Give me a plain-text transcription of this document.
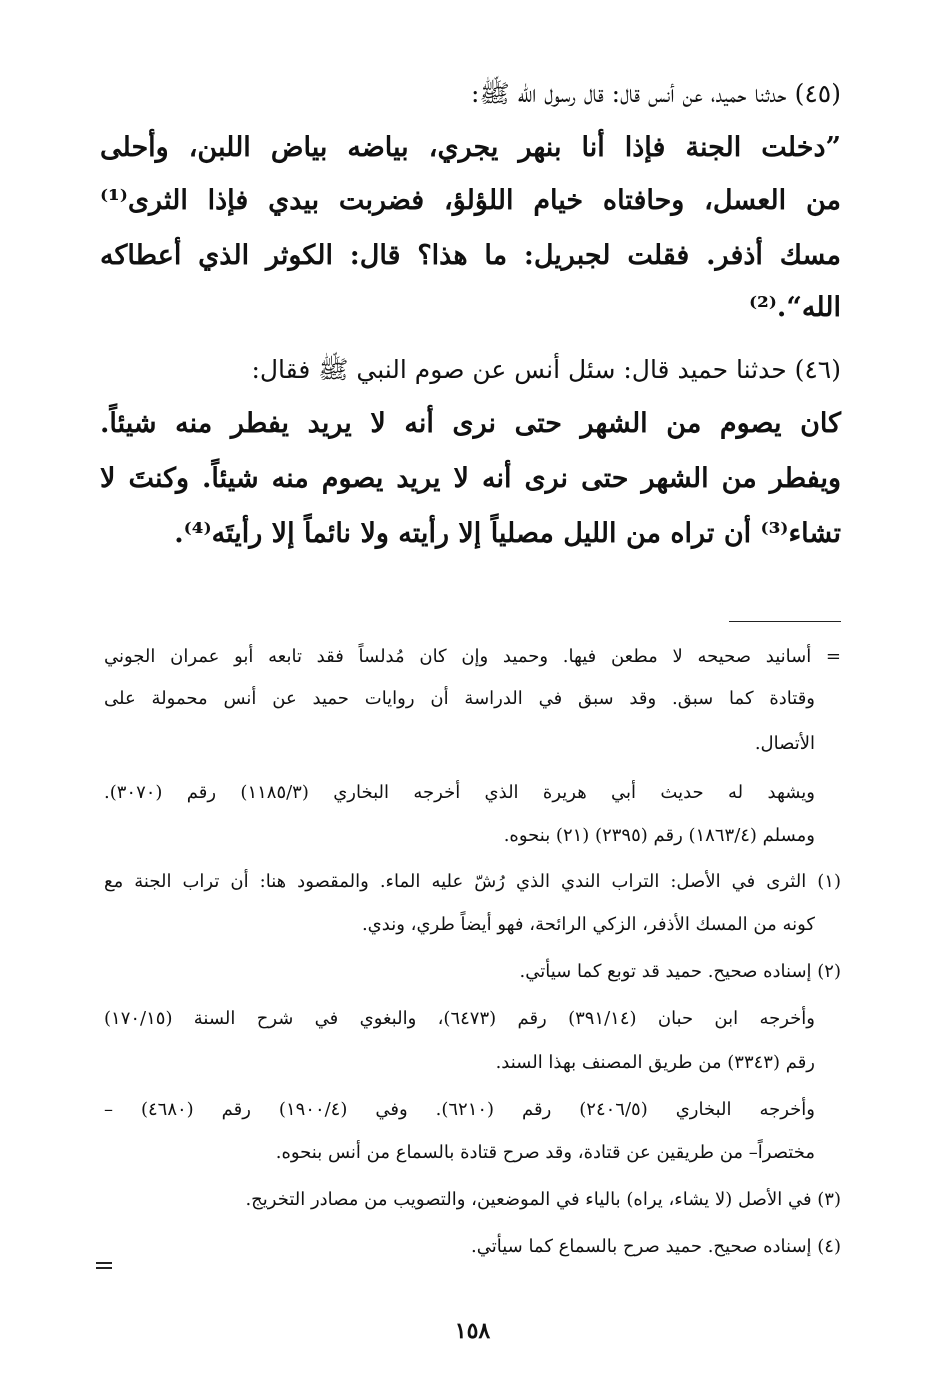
(٤٥) حدثنا حميد، عن أنس قال: قال رسول الله ﷺ:
”دخلت الجنة فإذا أنا بنهر يجري، بياضه بياض اللبن، وأحلى
من العسل، وحافتاه خيام اللؤلؤ، فضربت بيدي فإذا الثرى⁽¹⁾
مسك أذفر. فقلت لجبريل: ما هذا؟ قال: الكوثر الذي أعطاكه
الله“.⁽²⁾
(٤٦) حدثنا حميد قال: سئل أنس عن صوم النبي ﷺ فقال:
كان يصوم من الشهر حتى نرى أنه لا يريد يفطر منه شيئاً.
ويفطر من الشهر حتى نرى أنه لا يريد يصوم منه شيئاً. وكنتَ لا
تشاء⁽³⁾ أن تراه من الليل مصلياً إلا رأيته ولا نائماً إلا رأيتَه⁽⁴⁾.
= أسانيد صحيحه لا مطعن فيها. وحميد وإن كان مُدلساً فقد تابعه أبو عمران الجوني
وقتادة كما سبق. وقد سبق في الدراسة أن روايات حميد عن أنس محمولة على
الأتصال.
ويشهد له حديث أبي هريرة الذي أخرجه البخاري (١١٨٥/٣) رقم (٣٠٧٠).
ومسلم (١٨٦٣/٤) رقم (٢٣٩٥) (٢١) بنحوه.
(١) الثرى في الأصل: التراب الندي الذي رُشّ عليه الماء. والمقصود هنا: أن تراب الجنة مع
كونه من المسك الأذفر، الزكي الرائحة، فهو أيضاً طري، وندي.
(٢) إسناده صحيح. حميد قد توبع كما سيأتي.
وأخرجه ابن حبان (٣٩١/١٤) رقم (٦٤٧٣)، والبغوي في شرح السنة (١٧٠/١٥)
رقم (٣٣٤٣) من طريق المصنف بهذا السند.
وأخرجه البخاري (٢٤٠٦/٥) رقم (٦٢١٠). وفي (١٩٠٠/٤) رقم (٤٦٨٠) –
مختصراً– من طريقين عن قتادة، وقد صرح قتادة بالسماع من أنس بنحوه.
(٣) في الأصل (لا يشاء، يراه) بالياء في الموضعين، والتصويب من مصادر التخريج.
(٤) إسناده صحيح. حميد صرح بالسماع كما سيأتي.
١٥٨
